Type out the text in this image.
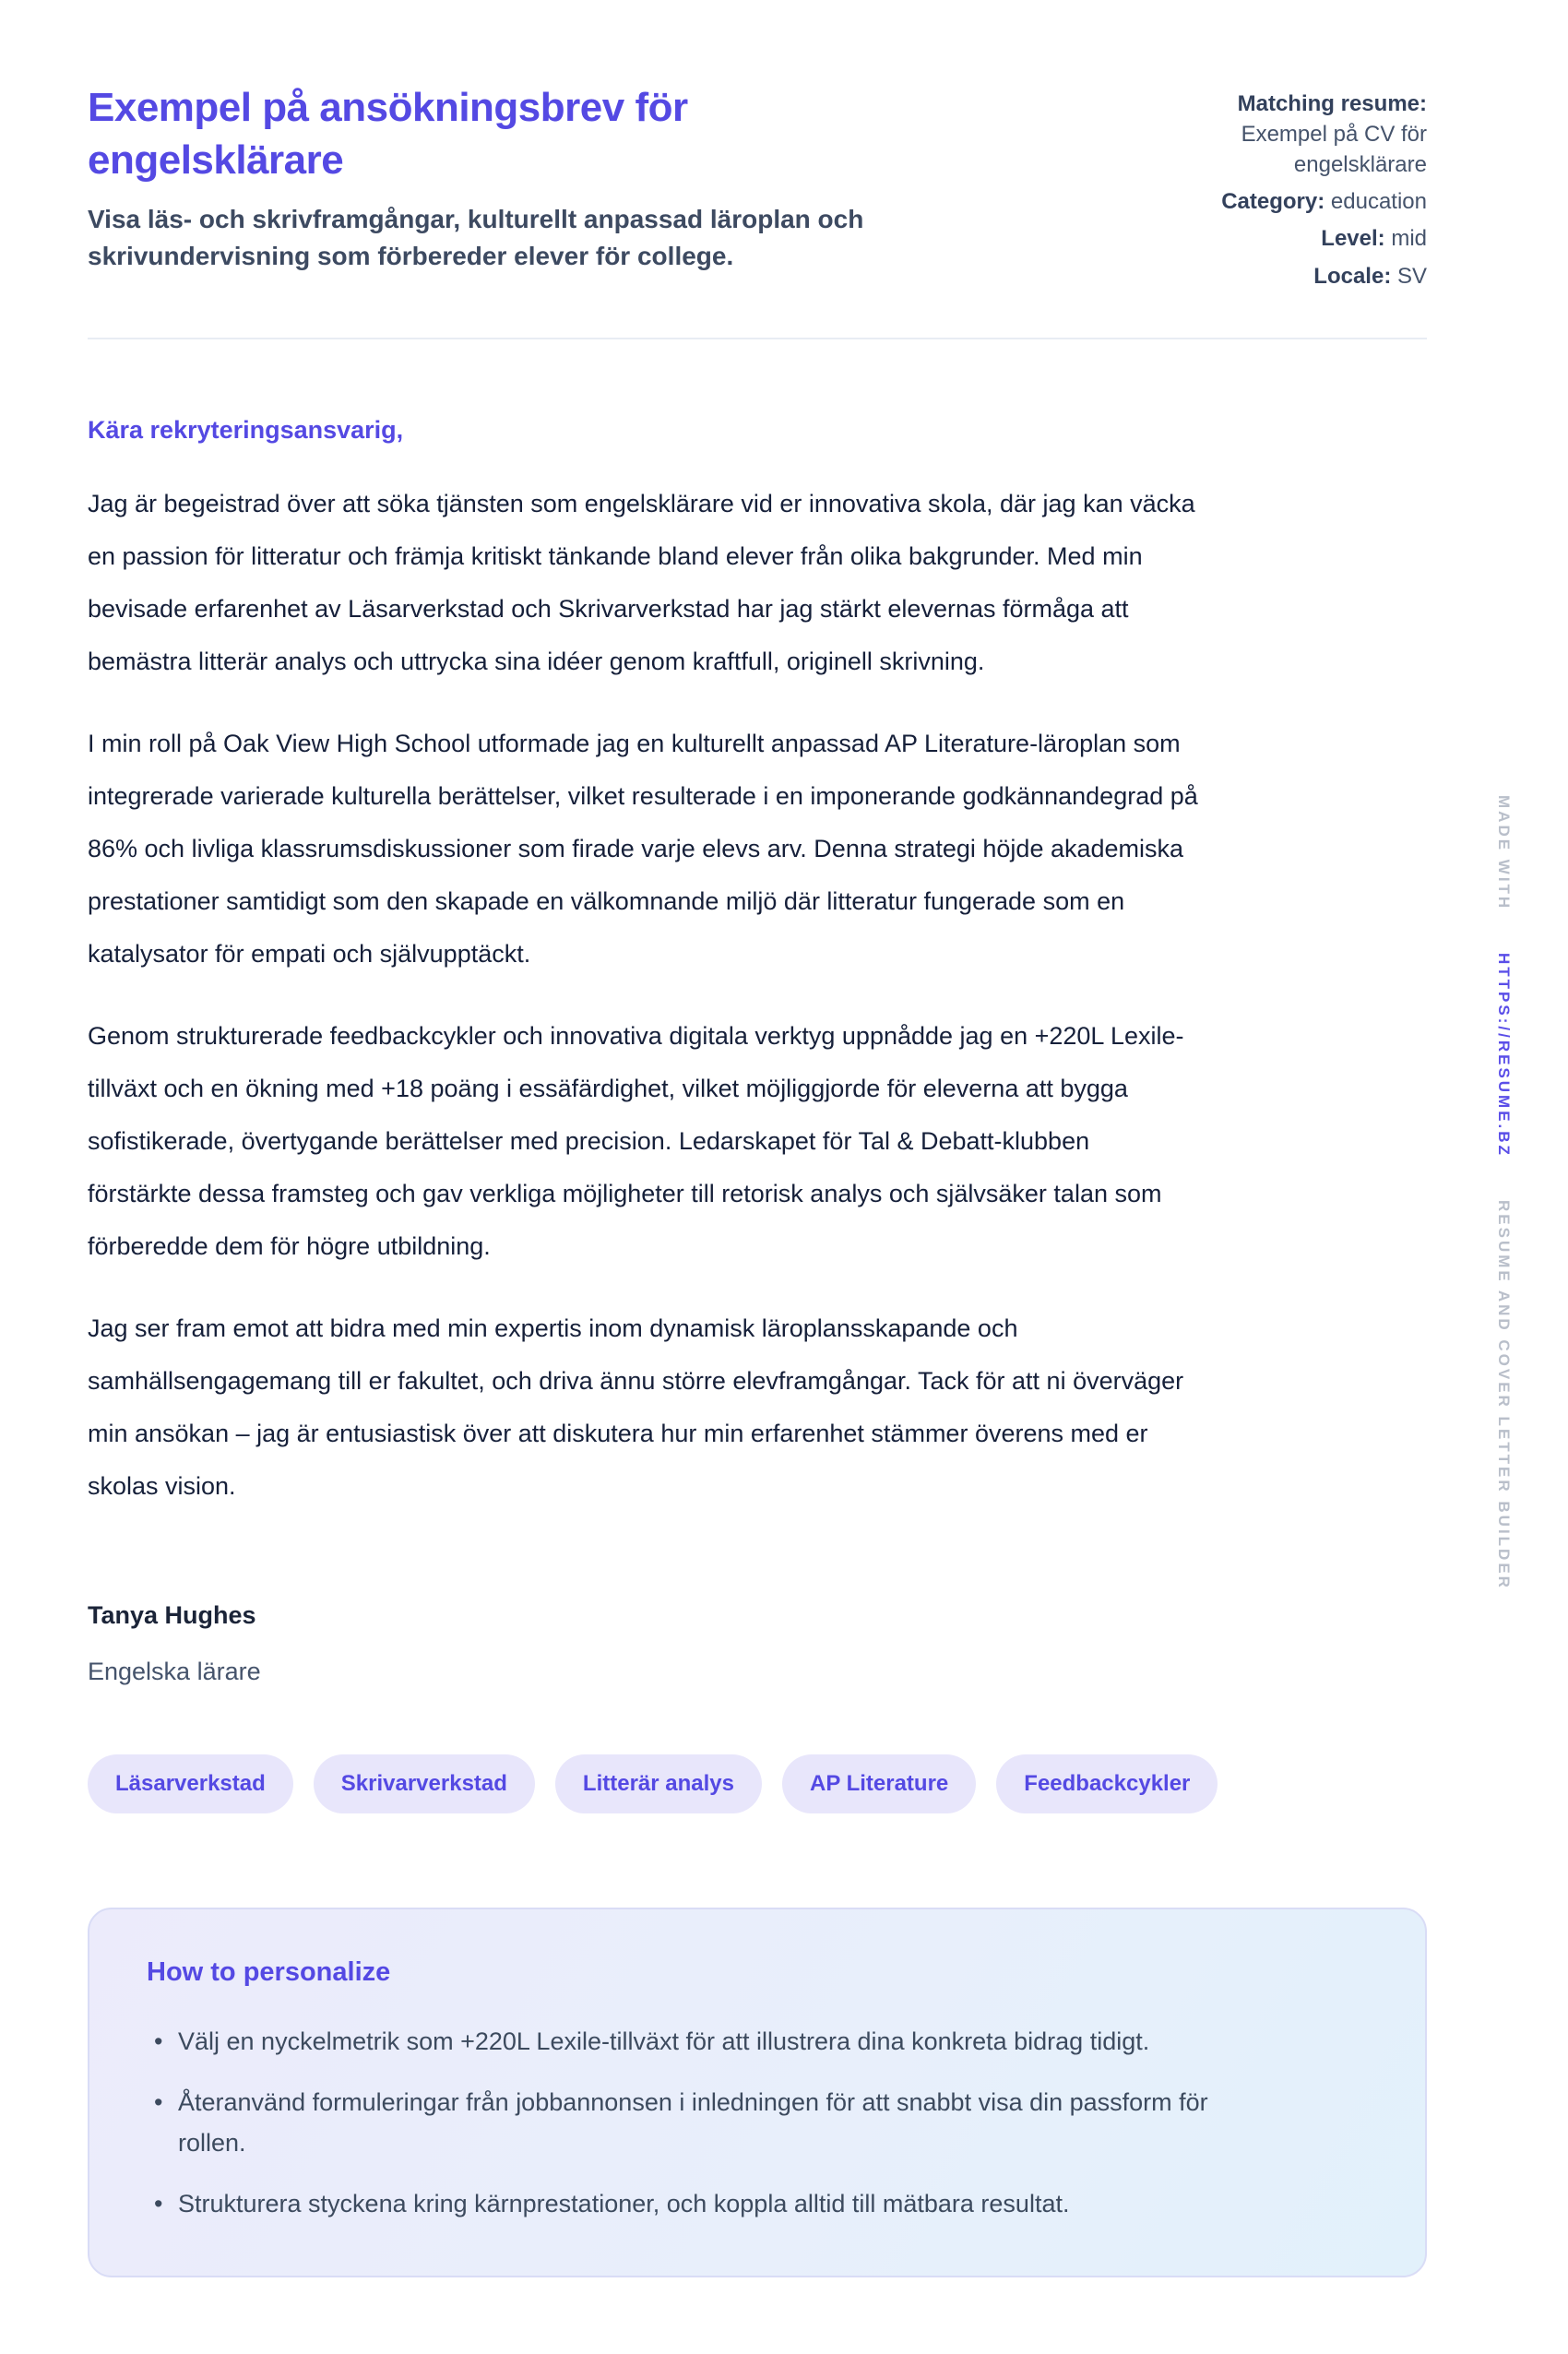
Exempel på ansökningsbrev för engelsklärare
Visa läs- och skrivframgångar, kulturellt anpassad läroplan och skrivundervisning som förbereder elever för college.
Matching resume:
Exempel på CV för engelsklärare
Category: education
Level: mid
Locale: SV
Kära rekryteringsansvarig,

Jag är begeistrad över att söka tjänsten som engelsklärare vid er innovativa skola, där jag kan väcka en passion för litteratur och främja kritiskt tänkande bland elever från olika bakgrunder. Med min bevisade erfarenhet av Läsarverkstad och Skrivarverkstad har jag stärkt elevernas förmåga att bemästra litterär analys och uttrycka sina idéer genom kraftfull, originell skrivning.

I min roll på Oak View High School utformade jag en kulturellt anpassad AP Literature-läroplan som integrerade varierade kulturella berättelser, vilket resulterade i en imponerande godkännandegrad på 86% och livliga klassrumsdiskussioner som firade varje elevs arv. Denna strategi höjde akademiska prestationer samtidigt som den skapade en välkomnande miljö där litteratur fungerade som en katalysator för empati och självupptäckt.

Genom strukturerade feedbackcykler och innovativa digitala verktyg uppnådde jag en +220L Lexile-tillväxt och en ökning med +18 poäng i essäfärdighet, vilket möjliggjorde för eleverna att bygga sofistikerade, övertygande berättelser med precision. Ledarskapet för Tal & Debatt-klubben förstärkte dessa framsteg och gav verkliga möjligheter till retorisk analys och självsäker talan som förberedde dem för högre utbildning.

Jag ser fram emot att bidra med min expertis inom dynamisk läroplansskapande och samhällsengagemang till er fakultet, och driva ännu större elevframgångar. Tack för att ni överväger min ansökan – jag är entusiastisk över att diskutera hur min erfarenhet stämmer överens med er skolas vision.

Tanya Hughes
Engelska lärare
Läsarverkstad	Skrivarverkstad	Litterär analys	AP Literature	Feedbackcykler
How to personalize
• Välj en nyckelmetrik som +220L Lexile-tillväxt för att illustrera dina konkreta bidrag tidigt.
• Återanvänd formuleringar från jobbannonsen i inledningen för att snabbt visa din passform för rollen.
• Strukturera styckena kring kärnprestationer, och koppla alltid till mätbara resultat.
MADE WITH
HTTPS://RESUME.BZ
RESUME AND COVER LETTER BUILDER
